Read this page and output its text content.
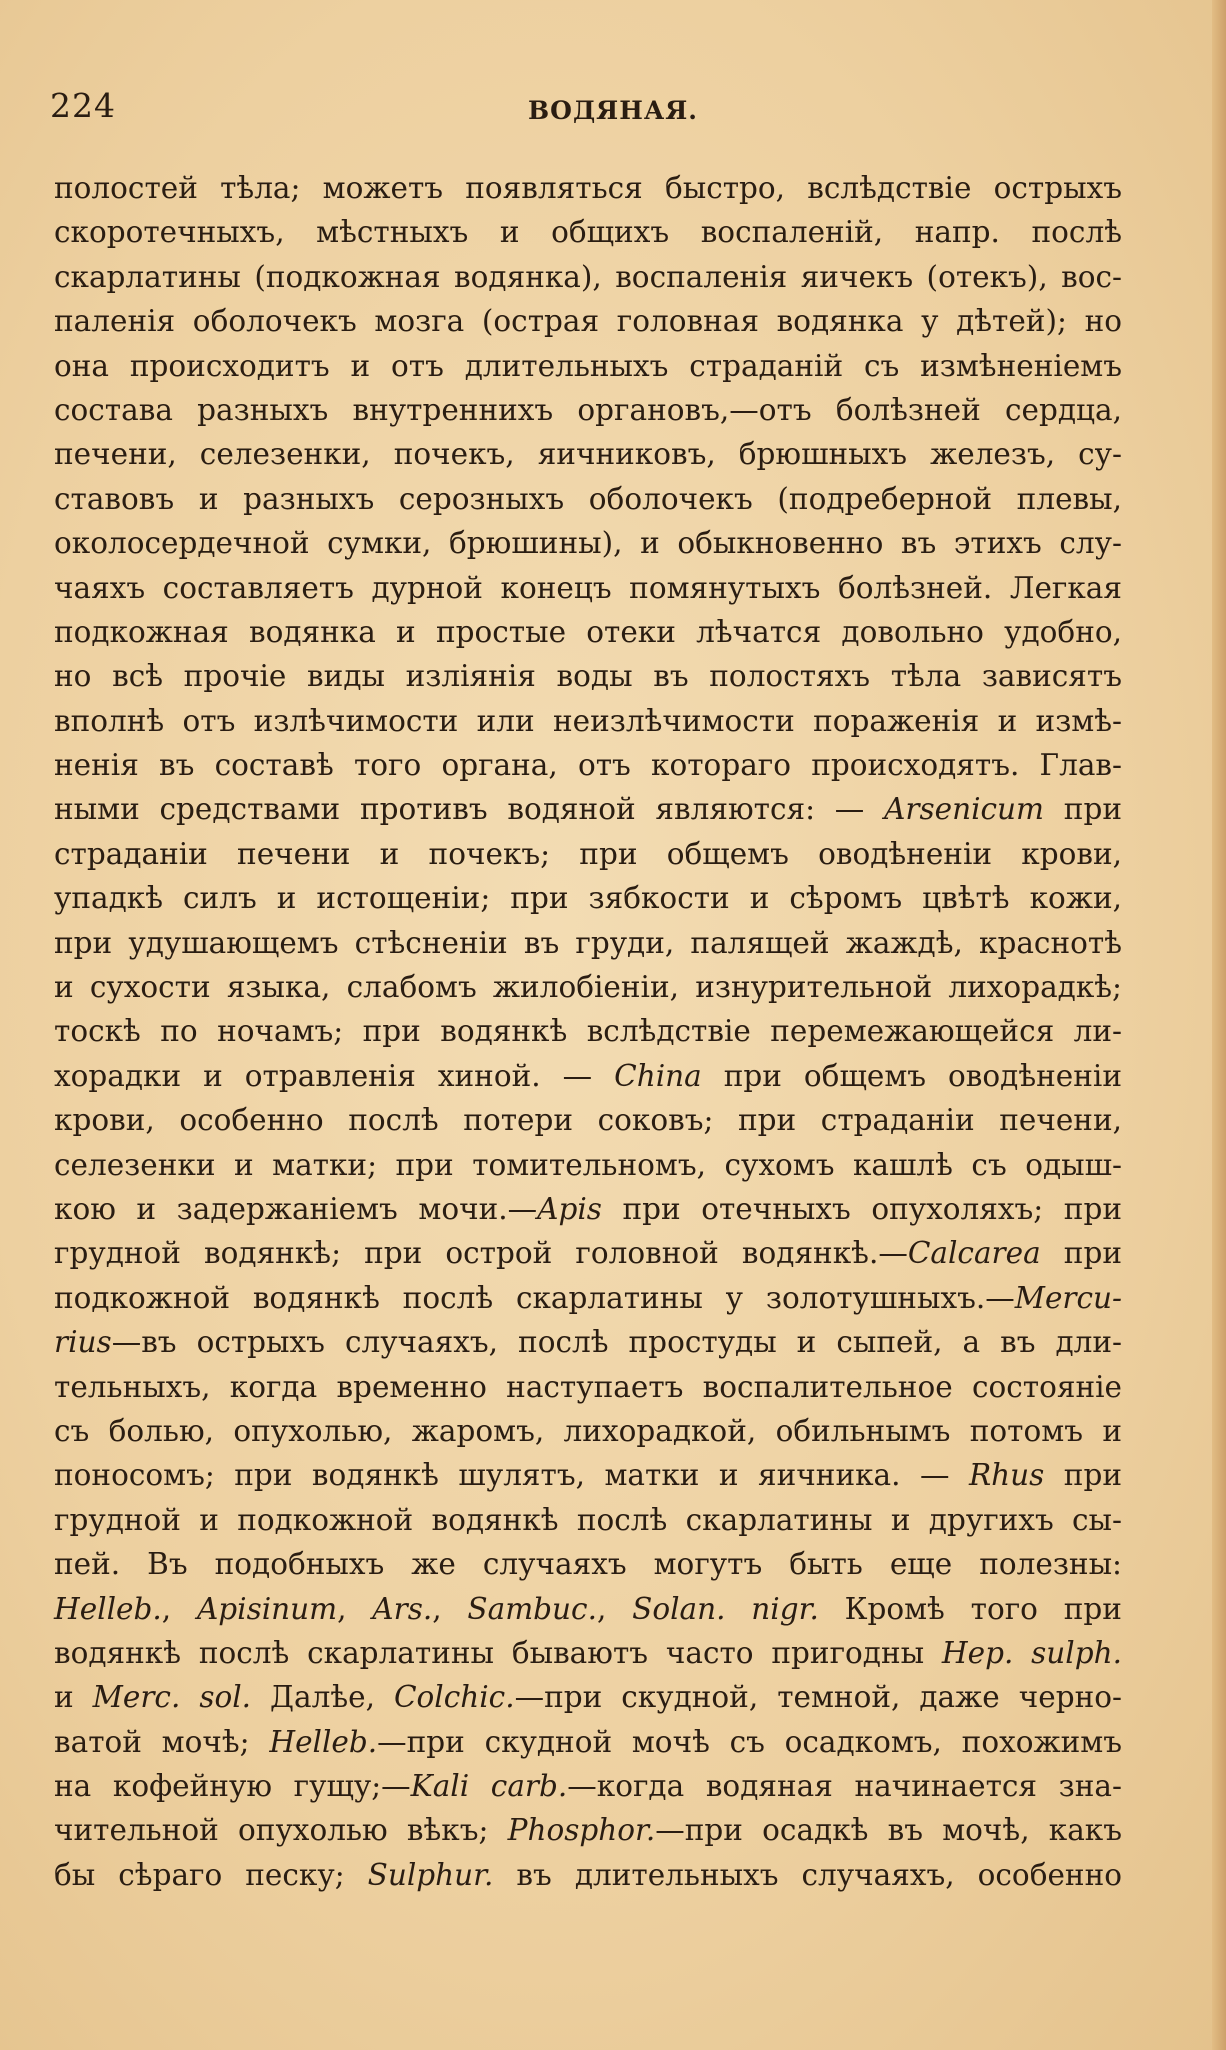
224	ВОДЯНАЯ.
полостей тѣла; можетъ появляться быстро, вслѣдствіе острыхъ
скоротечныхъ, мѣстныхъ и общихъ воспаленій, напр. послѣ
скарлатины (подкожная водянка), воспаленія яичекъ (отекъ), вос-
паленія оболочекъ мозга (острая головная водянка у дѣтей); но
она происходитъ и отъ длительныхъ страданій съ измѣненіемъ
состава разныхъ внутреннихъ органовъ,—отъ болѣзней сердца,
печени, селезенки, почекъ, яичниковъ, брюшныхъ железъ, су-
ставовъ и разныхъ серозныхъ оболочекъ (подреберной плевы,
околосердечной сумки, брюшины), и обыкновенно въ этихъ слу-
чаяхъ составляетъ дурной конецъ помянутыхъ болѣзней. Легкая
подкожная водянка и простые отеки лѣчатся довольно удобно,
но всѣ прочіе виды изліянія воды въ полостяхъ тѣла зависятъ
вполнѣ отъ излѣчимости или неизлѣчимости пораженія и измѣ-
ненія въ составѣ того органа, отъ котораго происходятъ. Глав-
ными средствами противъ водяной являются: — Arsenicum при
страданіи печени и почекъ; при общемъ оводѣненіи крови,
упадкѣ силъ и истощеніи; при зябкости и сѣромъ цвѣтѣ кожи,
при удушающемъ стѣсненіи въ груди, палящей жаждѣ, краснотѣ
и сухости языка, слабомъ жилобіеніи, изнурительной лихорадкѣ;
тоскѣ по ночамъ; при водянкѣ вслѣдствіе перемежающейся ли-
хорадки и отравленія хиной. — China при общемъ оводѣненіи
крови, особенно послѣ потери соковъ; при страданіи печени,
селезенки и матки; при томительномъ, сухомъ кашлѣ съ одыш-
кою и задержаніемъ мочи.—Apis при отечныхъ опухоляхъ; при
грудной водянкѣ; при острой головной водянкѣ.—Calcarea при
подкожной водянкѣ послѣ скарлатины у золотушныхъ.—Mercu-
rius—въ острыхъ случаяхъ, послѣ простуды и сыпей, а въ дли-
тельныхъ, когда временно наступаетъ воспалительное состояніе
съ болью, опухолью, жаромъ, лихорадкой, обильнымъ потомъ и
поносомъ; при водянкѣ шулятъ, матки и яичника. — Rhus при
грудной и подкожной водянкѣ послѣ скарлатины и другихъ сы-
пей. Въ подобныхъ же случаяхъ могутъ быть еще полезны:
Helleb., Apisinum, Ars., Sambuc., Solan. nigr. Кромѣ того при
водянкѣ послѣ скарлатины бываютъ часто пригодны Hep. sulph.
и Merc. sol. Далѣе, Colchic.—при скудной, темной, даже черно-
ватой мочѣ; Helleb.—при скудной мочѣ съ осадкомъ, похожимъ
на кофейную гущу;—Kali carb.—когда водяная начинается зна-
чительной опухолью вѣкъ; Phosphor.—при осадкѣ въ мочѣ, какъ
бы сѣраго песку; Sulphur. въ длительныхъ случаяхъ, особенно
